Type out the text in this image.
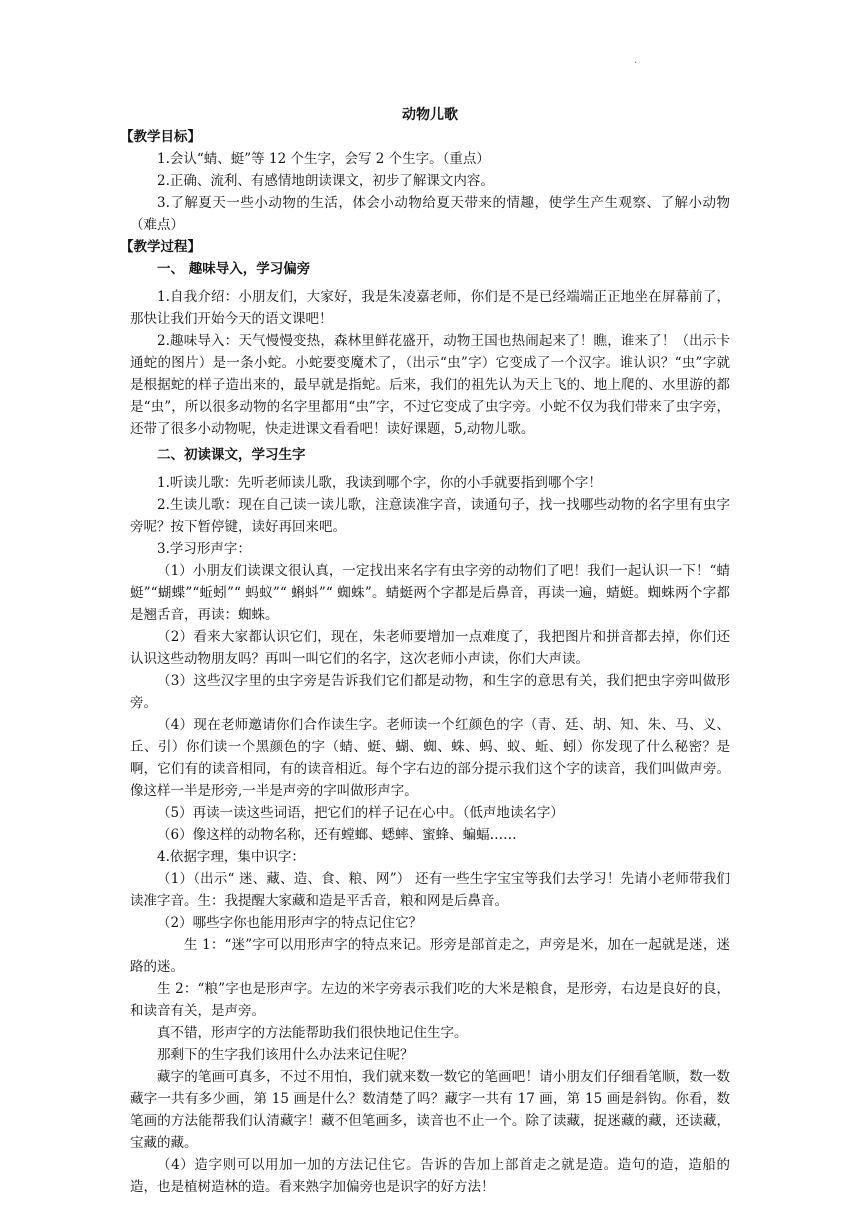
·

动物儿歌

【教学目标】

1.会认“蜻、蜓”等 12 个生字，会写 2 个生字。（重点）

2.正确、流利、有感情地朗读课文，初步了解课文内容。

3.了解夏天一些小动物的生活，体会小动物给夏天带来的情趣，使学生产生观察、了解小动物（难点）

【教学过程】

一、 趣味导入，学习偏旁

1.自我介绍：小朋友们，大家好，我是朱凌嘉老师，你们是不是已经端端正正地坐在屏幕前了，那快让我们开始今天的语文课吧！

2.趣味导入：天气慢慢变热，森林里鲜花盛开，动物王国也热闹起来了！瞧，谁来了！（出示卡通蛇的图片）是一条小蛇。小蛇要变魔术了，（出示“虫”字）它变成了一个汉字。谁认识？“虫”字就是根据蛇的样子造出来的，最早就是指蛇。后来，我们的祖先认为天上飞的、地上爬的、水里游的都是“虫”，所以很多动物的名字里都用“虫”字，不过它变成了虫字旁。小蛇不仅为我们带来了虫字旁，还带了很多小动物呢，快走进课文看看吧！读好课题，5,动物儿歌。

二、初读课文，学习生字

1.听读儿歌：先听老师读儿歌，我读到哪个字，你的小手就要指到哪个字！

2.生读儿歌：现在自己读一读儿歌，注意读准字音，读通句子，找一找哪些动物的名字里有虫字旁呢？按下暂停键，读好再回来吧。

3.学习形声字：

（1）小朋友们读课文很认真，一定找出来名字有虫字旁的动物们了吧！我们一起认识一下！“蜻蜓”“蝴蝶”“蚯蚓”“ 蚂蚁”“ 蝌蚪”“ 蜘蛛”。蜻蜓两个字都是后鼻音，再读一遍，蜻蜓。蜘蛛两个字都是翘舌音，再读：蜘蛛。

（2）看来大家都认识它们，现在，朱老师要增加一点难度了，我把图片和拼音都去掉，你们还认识这些动物朋友吗？再叫一叫它们的名字，这次老师小声读，你们大声读。

（3）这些汉字里的虫字旁是告诉我们它们都是动物，和生字的意思有关，我们把虫字旁叫做形旁。

（4）现在老师邀请你们合作读生字。老师读一个红颜色的字（青、廷、胡、知、朱、马、义、丘、引）你们读一个黑颜色的字（蜻、蜓、蝴、蜘、蛛、蚂、蚁、蚯、蚓）你发现了什么秘密？是啊，它们有的读音相同，有的读音相近。每个字右边的部分提示我们这个字的读音，我们叫做声旁。像这样一半是形旁,一半是声旁的字叫做形声字。

（5）再读一读这些词语，把它们的样子记在心中。（低声地读名字）

（6）像这样的动物名称，还有螳螂、蟋蟀、蜜蜂、蝙蝠……

4.依据字理，集中识字：

（1）（出示“ 迷、藏、造、食、粮、网”） 还有一些生字宝宝等我们去学习！先请小老师带我们读准字音。生：我提醒大家藏和造是平舌音，粮和网是后鼻音。

（2）哪些字你也能用形声字的特点记住它？

生 1：“迷”字可以用形声字的特点来记。形旁是部首走之，声旁是米，加在一起就是迷，迷路的迷。

生 2：“粮”字也是形声字。左边的米字旁表示我们吃的大米是粮食，是形旁，右边是良好的良，和读音有关，是声旁。

真不错，形声字的方法能帮助我们很快地记住生字。

那剩下的生字我们该用什么办法来记住呢？

藏字的笔画可真多，不过不用怕，我们就来数一数它的笔画吧！请小朋友们仔细看笔顺，数一数藏字一共有多少画，第 15 画是什么？数清楚了吗？藏字一共有 17 画，第 15 画是斜钩。你看，数笔画的方法能帮我们认清藏字！藏不但笔画多，读音也不止一个。除了读藏，捉迷藏的藏，还读藏，宝藏的藏。

（4）造字则可以用加一加的方法记住它。告诉的告加上部首走之就是造。造句的造，造船的造，也是植树造林的造。看来熟字加偏旁也是识字的好方法！
